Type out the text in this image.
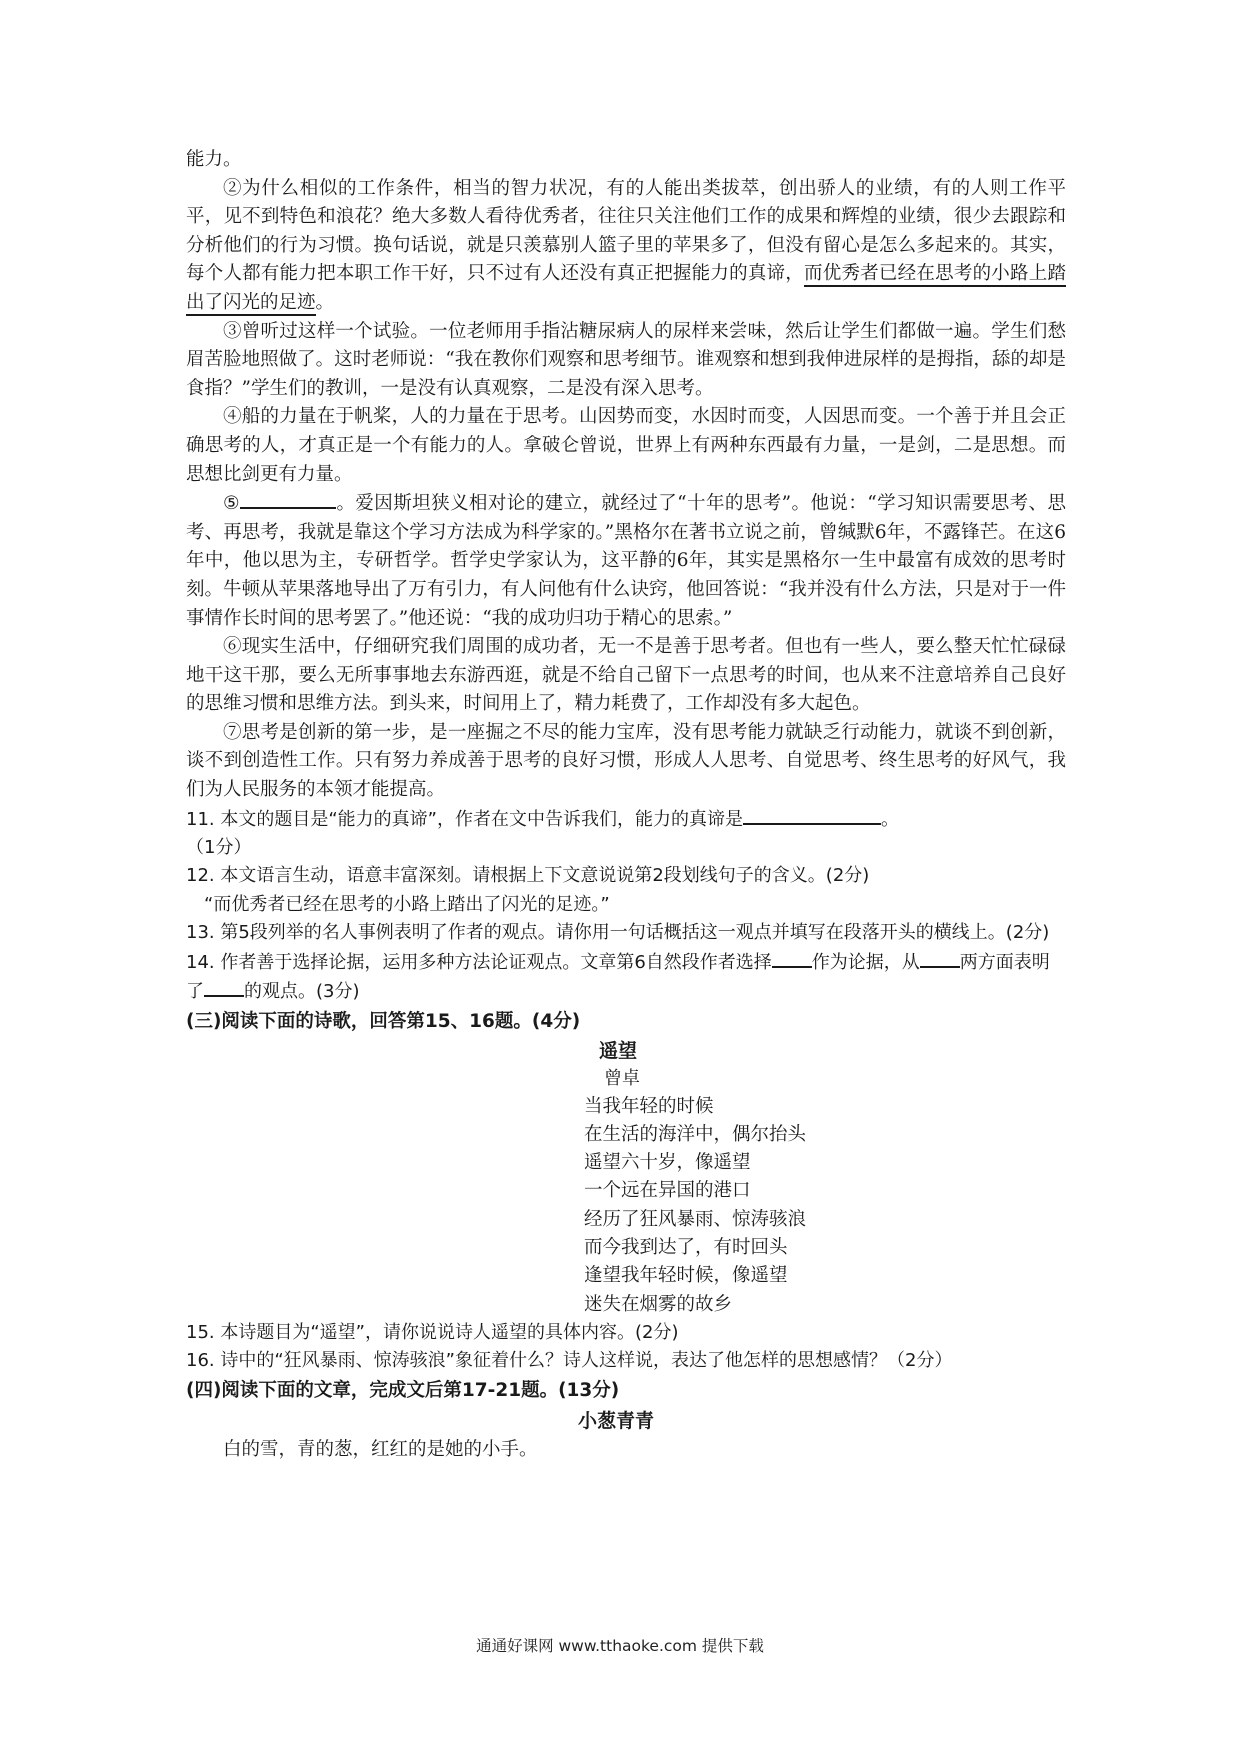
能力。

②为什么相似的工作条件，相当的智力状况，有的人能出类拔萃，创出骄人的业绩，有的人则工作平平，见不到特色和浪花？绝大多数人看待优秀者，往往只关注他们工作的成果和辉煌的业绩，很少去跟踪和分析他们的行为习惯。换句话说，就是只羡慕别人篮子里的苹果多了，但没有留心是怎么多起来的。其实，每个人都有能力把本职工作干好，只不过有人还没有真正把握能力的真谛，而优秀者已经在思考的小路上踏出了闪光的足迹。

③曾听过这样一个试验。一位老师用手指沾糖尿病人的尿样来尝味，然后让学生们都做一遍。学生们愁眉苦脸地照做了。这时老师说：“我在教你们观察和思考细节。谁观察和想到我伸进尿样的是拇指，舔的却是食指？”学生们的教训，一是没有认真观察，二是没有深入思考。

④船的力量在于帆桨，人的力量在于思考。山因势而变，水因时而变，人因思而变。一个善于并且会正确思考的人，才真正是一个有能力的人。拿破仑曾说，世界上有两种东西最有力量，一是剑，二是思想。而思想比剑更有力量。

⑤	。爱因斯坦狭义相对论的建立，就经过了“十年的思考”。他说：“学习知识需要思考、思考、再思考，我就是靠这个学习方法成为科学家的。”黑格尔在著书立说之前，曾缄默6年，不露锋芒。在这6年中，他以思为主，专研哲学。哲学史学家认为，这平静的6年，其实是黑格尔一生中最富有成效的思考时刻。牛顿从苹果落地导出了万有引力，有人问他有什么诀窍，他回答说：“我并没有什么方法，只是对于一件事情作长时间的思考罢了。”他还说：“我的成功归功于精心的思索。”

⑥现实生活中，仔细研究我们周围的成功者，无一不是善于思考者。但也有一些人，要么整天忙忙碌碌地干这干那，要么无所事事地去东游西逛，就是不给自己留下一点思考的时间，也从来不注意培养自己良好的思维习惯和思维方法。到头来，时间用上了，精力耗费了，工作却没有多大起色。

⑦思考是创新的第一步，是一座掘之不尽的能力宝库，没有思考能力就缺乏行动能力，就谈不到创新，谈不到创造性工作。只有努力养成善于思考的良好习惯，形成人人思考、自觉思考、终生思考的好风气，我们为人民服务的本领才能提高。

11. 本文的题目是“能力的真谛”，作者在文中告诉我们，能力的真谛是	。
（1分）

12. 本文语言生动，语意丰富深刻。请根据上下文意说说第2段划线句子的含义。(2分)

“而优秀者已经在思考的小路上踏出了闪光的足迹。”

13. 第5段列举的名人事例表明了作者的观点。请你用一句话概括这一观点并填写在段落开头的横线上。(2分)

14. 作者善于选择论据，运用多种方法论证观点。文章第6自然段作者选择 作为论据，从 两方面表明了 的观点。(3分)

(三)阅读下面的诗歌，回答第15、16题。(4分)

遥望

曾卓

当我年轻的时候

在生活的海洋中，偶尔抬头

遥望六十岁，像遥望

一个远在异国的港口

经历了狂风暴雨、惊涛骇浪

而今我到达了，有时回头

逢望我年轻时候，像遥望

迷失在烟雾的故乡

15. 本诗题目为“遥望”，请你说说诗人遥望的具体内容。(2分)

16. 诗中的“狂风暴雨、惊涛骇浪”象征着什么？诗人这样说，表达了他怎样的思想感情？（2分）

(四)阅读下面的文章，完成文后第17-21题。(13分)

小葱青青

白的雪，青的葱，红红的是她的小手。

通通好课网 www.tthaoke.com 提供下载
